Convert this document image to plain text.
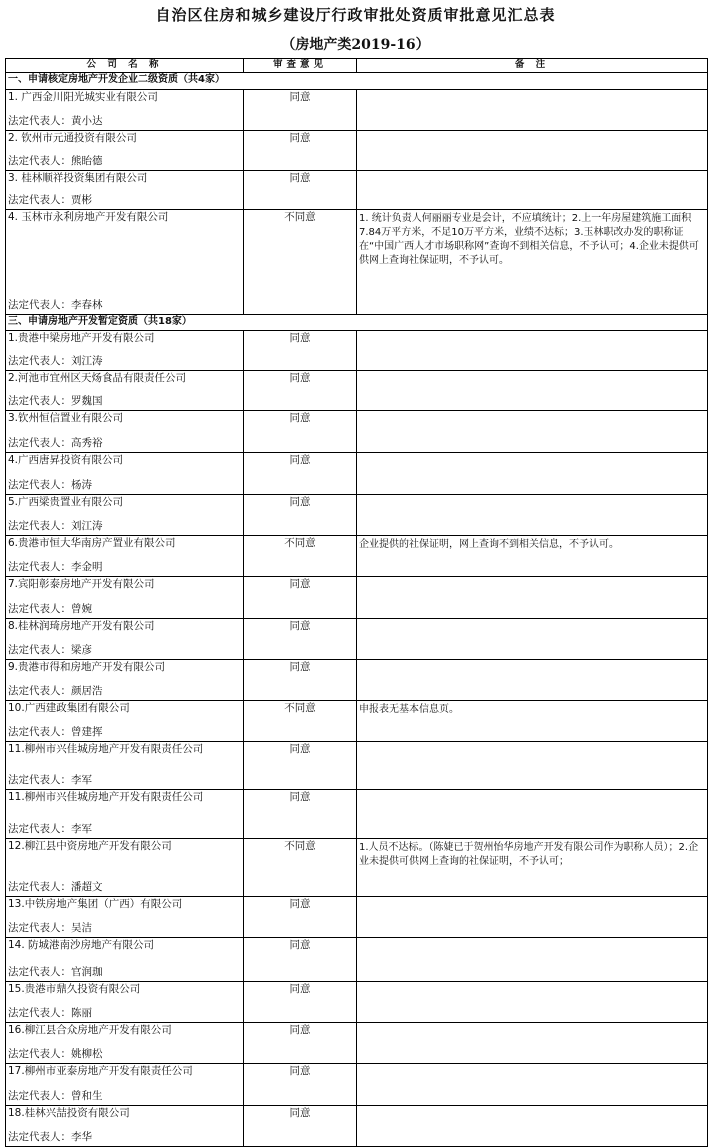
自治区住房和城乡建设厅行政审批处资质审批意见汇总表
（房地产类2019-16）
公 司 名 称	审查意见	备 注
一、申请核定房地产开发企业二级资质（共4家）		

1. 广西金川阳光城实业有限公司
法定代表人：黄小达	同意	

2. 钦州市元通投资有限公司
法定代表人：熊眙德	同意	

3. 桂林顺祥投资集团有限公司
法定代表人：贾彬	同意	

4. 玉林市永利房地产开发有限公司
法定代表人：李春林	不同意	1. 统计负责人何丽丽专业是会计，不应填统计；2.上一年房屋建筑施工面积7.84万平方米，不足10万平方米，业绩不达标；3.玉林职改办发的职称证在“中国广西人才市场职称网”查询不到相关信息，不予认可；4.企业未提供可供网上查询社保证明，不予认可。
三、申请房地产开发暂定资质（共18家）		

1.贵港中梁房地产开发有限公司
法定代表人：刘江涛	同意	

2.河池市宜州区天炀食品有限责任公司
法定代表人：罗魏国	同意	

3.钦州恒信置业有限公司
法定代表人：高秀裕	同意	

4.广西唐昇投资有限公司
法定代表人：杨涛	同意	

5.广西梁贵置业有限公司
法定代表人：刘江涛	同意	

6.贵港市恒大华南房产置业有限公司
法定代表人：李金明	不同意	企业提供的社保证明，网上查询不到相关信息，不予认可。

7.宾阳彰泰房地产开发有限公司
法定代表人：曾婉	同意	

8.桂林润琦房地产开发有限公司
法定代表人：梁彦	同意	

9.贵港市得和房地产开发有限公司
法定代表人：颜居浩	同意	

10.广西建政集团有限公司
法定代表人：曾建挥	不同意	申报表无基本信息页。

11.柳州市兴佳城房地产开发有限责任公司
法定代表人：李军	同意	

11.柳州市兴佳城房地产开发有限责任公司
法定代表人：李军	同意	

12.柳江县中资房地产开发有限公司
法定代表人：潘超文	不同意	1.人员不达标。（陈婕已于贺州怡华房地产开发有限公司作为职称人员）；2.企业未提供可供网上查询的社保证明，不予认可；

13.中铁房地产集团（广西）有限公司
法定代表人：吴洁	同意	

14. 防城港南沙房地产有限公司
法定代表人：官润珈	同意	

15.贵港市鼎久投资有限公司
法定代表人：陈丽	同意	

16.柳江县合众房地产开发有限公司
法定代表人：姚柳松	同意	

17.柳州市亚泰房地产开发有限责任公司
法定代表人：曾和生	同意	

18.桂林兴喆投资有限公司
法定代表人：李华	同意	
